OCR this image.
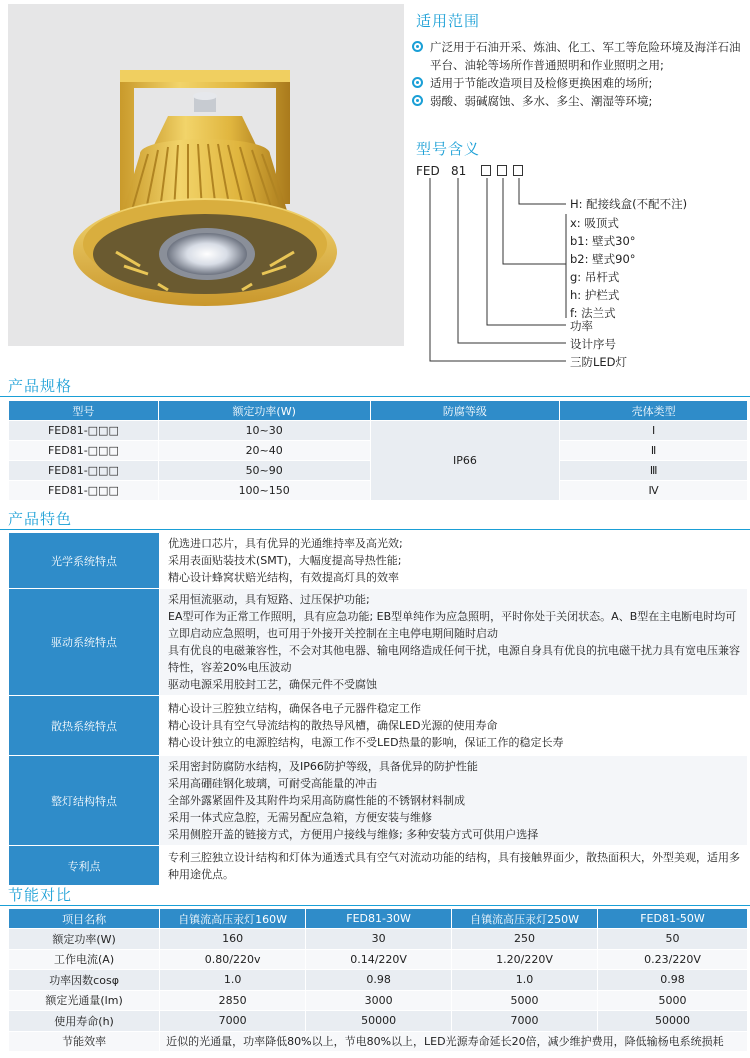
适用范围
广泛用于石油开采、炼油、化工、军工等危险环境及海洋石油平台、油轮等场所作普通照明和作业照明之用;
适用于节能改造项目及检修更换困难的场所;
弱酸、弱碱腐蚀、多水、多尘、潮湿等环境;
型号含义
FED 81
H: 配接线盒(不配不注)
x: 吸顶式
b1: 壁式30°
b2: 壁式90°
g: 吊杆式
h: 护栏式
f: 法兰式
功率
设计序号
三防LED灯
产品规格
型号	额定功率(W)	防腐等级	壳体类型
FED81-□□□	10~30	IP66	Ⅰ
FED81-□□□	20~40		Ⅱ
FED81-□□□	50~90		Ⅲ
FED81-□□□	100~150		Ⅳ
产品特色
光学系统特点	优选进口芯片，具有优异的光通维持率及高光效;
采用表面贴装技术(SMT)，大幅度提高导热性能;
精心设计蜂窝状赔光结构，有效提高灯具的效率

驱动系统特点	采用恒流驱动，具有短路、过压保护功能;
EA型可作为正常工作照明，具有应急功能; EB型单纯作为应急照明，平时你处于关闭状态。A、B型在主电断电时均可立即启动应急照明，也可用于外接开关控制在主电停电期间随时启动
具有优良的电磁兼容性，不会对其他电器、输电网络造成任何干扰，电源自身具有优良的抗电磁干扰力具有宽电压兼容特性，容差20%电压波动
驱动电源采用胶封工艺，确保元件不受腐蚀

散热系统特点	精心设计三腔独立结构，确保各电子元器件稳定工作
精心设计具有空气导流结构的散热导风槽，确保LED光源的使用寿命
精心设计独立的电源腔结构，电源工作不受LED热量的影响，保证工作的稳定长寿

整灯结构特点	采用密封防腐防水结构，及IP66防护等级，具备优异的防护性能
采用高硼硅钢化玻璃，可耐受高能量的冲击
全部外露紧固件及其附件均采用高防腐性能的不锈钢材料制成
采用一体式应急腔，无需另配应急箱，方便安装与维修
采用侧腔开盖的链接方式，方便用户接线与维修; 多种安装方式可供用户选择

专利点	专利三腔独立设计结构和灯体为通透式具有空气对流动功能的结构，具有接触界面少，散热面积大，外型美观，适用多种用途优点。
节能对比
项目名称	自镇流高压汞灯160W	FED81-30W	自镇流高压汞灯250W	FED81-50W
额定功率(W)	160	30	250	50
工作电流(A)	0.80/220v	0.14/220V	1.20/220V	0.23/220V
功率因数cosφ	1.0	0.98	1.0	0.98
额定光通量(lm)	2850	3000	5000	5000
使用寿命(h)	7000	50000	7000	50000
节能效率	近似的光通量，功率降低80%以上，节电80%以上，LED光源寿命延长20倍，减少维护费用，降低输杨电系统损耗			
